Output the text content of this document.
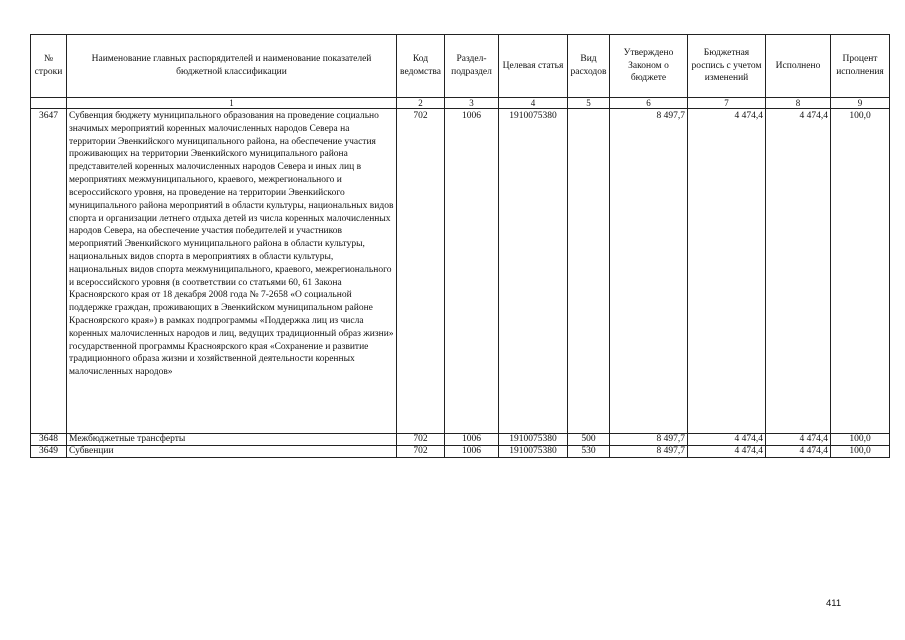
№ строки	Наименование главных распорядителей и наименование показателей бюджетной классификации	Код ведомства	Раздел-подраздел	Целевая статья	Вид расходов	Утверждено Законом о бюджете	Бюджетная роспись с учетом изменений	Исполнено	Процент исполнения
	1	2	3	4	5	6	7	8	9
3647	Субвенция бюджету муниципального образования на проведение социально значимых мероприятий коренных малочисленных народов Севера на территории Эвенкийского муниципального района, на обеспечение участия проживающих на территории Эвенкийского муниципального района представителей коренных малочисленных народов Севера и иных лиц в мероприятиях межмуниципального, краевого, межрегионального и всероссийского уровня, на проведение на территории Эвенкийского муниципального района мероприятий в области культуры, национальных видов спорта и организации летнего отдыха детей из числа коренных малочисленных народов Севера, на обеспечение участия победителей и участников мероприятий Эвенкийского муниципального района в области культуры, национальных видов спорта в мероприятиях в области культуры, национальных видов спорта межмуниципального, краевого, межрегионального и всероссийского уровня (в соответствии со статьями 60, 61 Закона Красноярского края от 18 декабря 2008 года № 7-2658 «О социальной поддержке граждан, проживающих в Эвенкийском муниципальном районе Красноярского края») в рамках подпрограммы «Поддержка лиц из числа коренных малочисленных народов и лиц, ведущих традиционный образ жизни» государственной программы Красноярского края «Сохранение и развитие традиционного образа жизни и хозяйственной деятельности коренных малочисленных народов»	702	1006	1910075380		8 497,7	4 474,4	4 474,4	100,0
3648	Межбюджетные трансферты	702	1006	1910075380	500	8 497,7	4 474,4	4 474,4	100,0
3649	Субвенции	702	1006	1910075380	530	8 497,7	4 474,4	4 474,4	100,0
411
